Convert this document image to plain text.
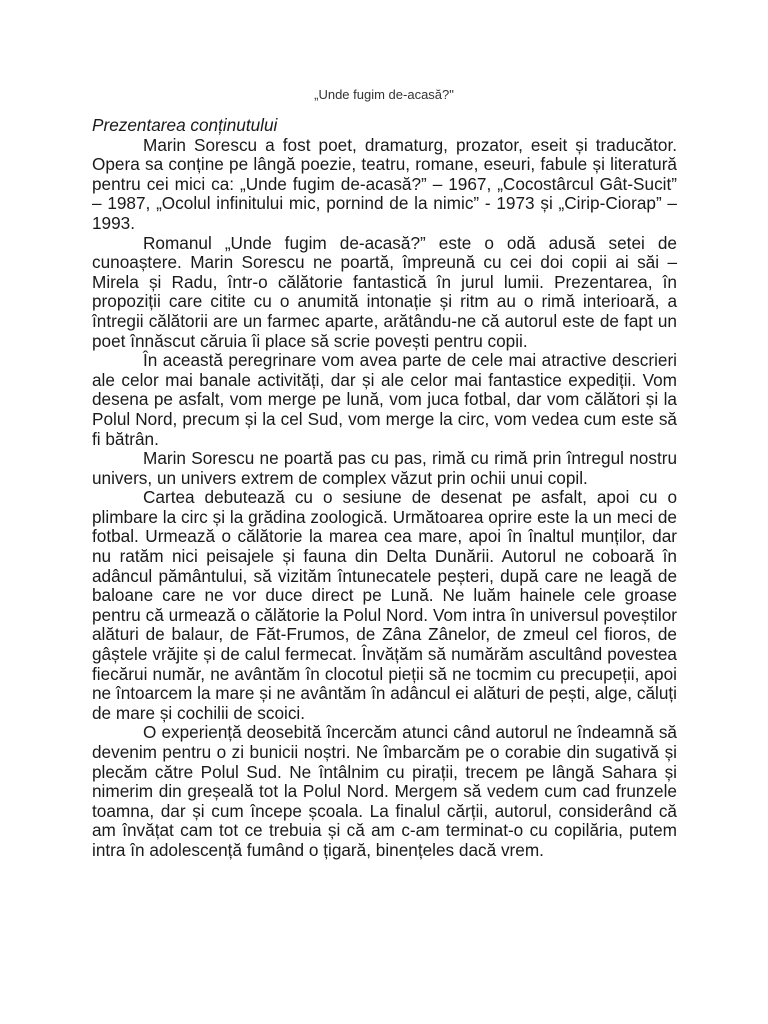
„Unde fugim de-acasă?"
Prezentarea conținutului

Marin Sorescu a fost poet, dramaturg, prozator, eseit și traducător. Opera sa conține pe lângă poezie, teatru, romane, eseuri, fabule și literatură pentru cei mici ca: „Unde fugim de-acasă?” – 1967, „Cocostârcul Gât-Sucit” – 1987, „Ocolul infinitului mic, pornind de la nimic” - 1973 și „Cirip-Ciorap” – 1993.

Romanul „Unde fugim de-acasă?” este o odă adusă setei de cunoaștere. Marin Sorescu ne poartă, împreună cu cei doi copii ai săi – Mirela și Radu, într-o călătorie fantastică în jurul lumii. Prezentarea, în propoziții care citite cu o anumită intonație și ritm au o rimă interioară, a întregii călătorii are un farmec aparte, arătându-ne că autorul este de fapt un poet înnăscut căruia îi place să scrie povești pentru copii.

În această peregrinare vom avea parte de cele mai atractive descrieri ale celor mai banale activități, dar și ale celor mai fantastice expediții. Vom desena pe asfalt, vom merge pe lună, vom juca fotbal, dar vom călători și la Polul Nord, precum și la cel Sud, vom merge la circ, vom vedea cum este să fi bătrân.

Marin Sorescu ne poartă pas cu pas, rimă cu rimă prin întregul nostru univers, un univers extrem de complex văzut prin ochii unui copil.

Cartea debutează cu o sesiune de desenat pe asfalt, apoi cu o plimbare la circ și la grădina zoologică. Următoarea oprire este la un meci de fotbal. Urmează o călătorie la marea cea mare, apoi în înaltul munților, dar nu ratăm nici peisajele și fauna din Delta Dunării. Autorul ne coboară în adâncul pământului, să vizităm întunecatele peșteri, după care ne leagă de baloane care ne vor duce direct pe Lună. Ne luăm hainele cele groase pentru că urmează o călătorie la Polul Nord. Vom intra în universul poveștilor alături de balaur, de Făt-Frumos, de Zâna Zânelor, de zmeul cel fioros, de gâștele vrăjite și de calul fermecat. Învățăm să numărăm ascultând povestea fiecărui număr, ne avântăm în clocotul pieții să ne tocmim cu precupeții, apoi ne întoarcem la mare și ne avântăm în adâncul ei alături de pești, alge, căluți de mare și cochilii de scoici.

O experiență deosebită încercăm atunci când autorul ne îndeamnă să devenim pentru o zi bunicii noștri. Ne îmbarcăm pe o corabie din sugativă și plecăm către Polul Sud. Ne întâlnim cu pirații, trecem pe lângă Sahara și nimerim din greșeală tot la Polul Nord. Mergem să vedem cum cad frunzele toamna, dar și cum începe școala. La finalul cărții, autorul, considerând că am învățat cam tot ce trebuia și că am c-am terminat-o cu copilăria, putem intra în adolescență fumând o țigară, binențeles dacă vrem.
